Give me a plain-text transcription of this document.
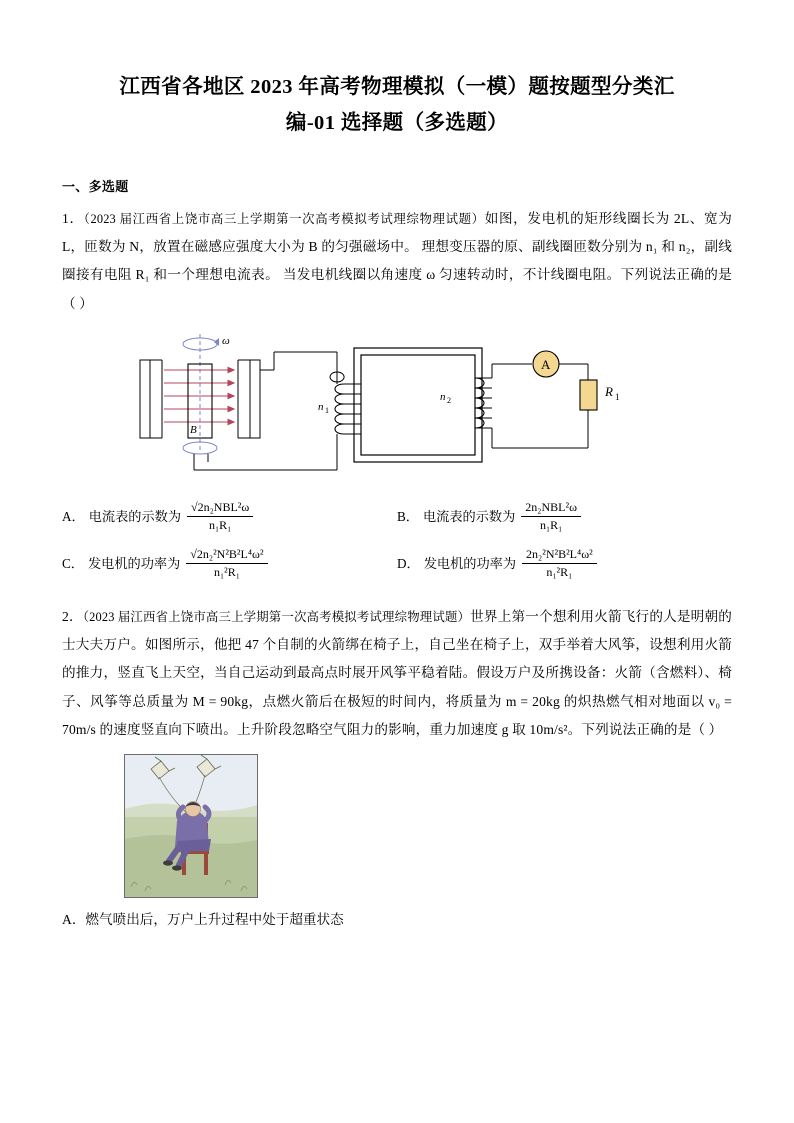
江西省各地区 2023 年高考物理模拟（一模）题按题型分类汇
编-01 选择题（多选题）
一、多选题
1．（2023 届江西省上饶市高三上学期第一次高考模拟考试理综物理试题）如图，发电机的矩形线圈长为 2L、宽为 L，匝数为 N，放置在磁感应强度大小为 B 的匀强磁场中。 理想变压器的原、副线圈匝数分别为 n₁ 和 n₂，副线圈接有电阻 R₁ 和一个理想电流表。 当发电机线圈以角速度 ω 匀速转动时，不计线圈电阻。下列说法正确的是（ ）
ω
B
n 1
n 2
A
R 1
A． 电流表的示数为 $\frac{\text{√2n₂NBL²ω}}{\text{n₁R₁}}$	B． 电流表的示数为 $\frac{\text{2n₂NBL²ω}}{\text{n₁R₁}}$
C． 发电机的功率为 $\frac{\text{√2n₂²N²B²L⁴ω²}}{\text{n₁²R₁}}$	D． 发电机的功率为 $\frac{\text{2n₂²N²B²L⁴ω²}}{\text{n₁²R₁}}$
2．（2023 届江西省上饶市高三上学期第一次高考模拟考试理综物理试题）世界上第一个想利用火箭飞行的人是明朝的士大夫万户。如图所示，他把 47 个自制的火箭绑在椅子上，自己坐在椅子上，双手举着大风筝，设想利用火箭的推力，竖直飞上天空，当自己运动到最高点时展开风筝平稳着陆。假设万户及所携设备：火箭（含燃料）、椅子、风筝等总质量为 M = 90kg，点燃火箭后在极短的时间内，将质量为 m = 20kg 的炽热燃气相对地面以 v₀ = 70m/s 的速度竖直向下喷出。上升阶段忽略空气阻力的影响，重力加速度 g 取 10m/s²。下列说法正确的是（ ）
A．燃气喷出后，万户上升过程中处于超重状态
